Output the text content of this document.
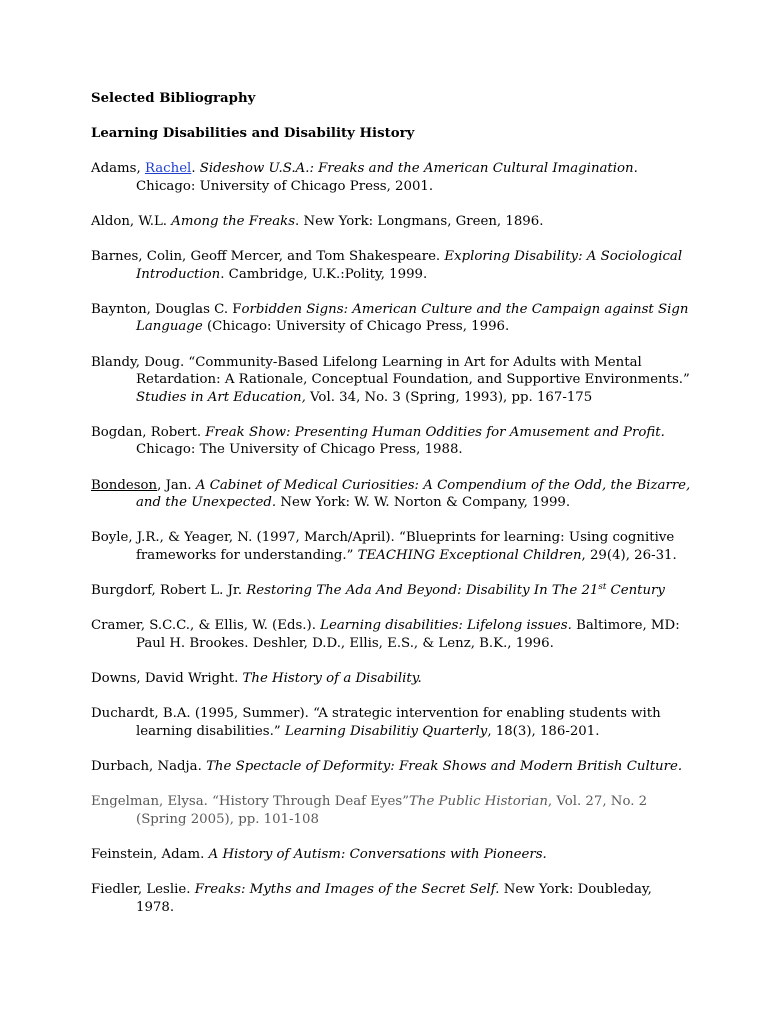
Selected Bibliography

Learning Disabilities and Disability History

Adams, Rachel. Sideshow U.S.A.: Freaks and the American Cultural Imagination. Chicago: University of Chicago Press, 2001.

Aldon, W.L. Among the Freaks. New York: Longmans, Green, 1896.

Barnes, Colin, Geoff Mercer, and Tom Shakespeare. Exploring Disability: A Sociological Introduction. Cambridge, U.K.:Polity, 1999.

Baynton, Douglas C. Forbidden Signs: American Culture and the Campaign against Sign Language (Chicago: University of Chicago Press, 1996.

Blandy, Doug. “Community-Based Lifelong Learning in Art for Adults with Mental Retardation: A Rationale, Conceptual Foundation, and Supportive Environments.” Studies in Art Education, Vol. 34, No. 3 (Spring, 1993), pp. 167-175

Bogdan, Robert. Freak Show: Presenting Human Oddities for Amusement and Profit. Chicago: The University of Chicago Press, 1988.

Bondeson, Jan. A Cabinet of Medical Curiosities: A Compendium of the Odd, the Bizarre, and the Unexpected. New York: W. W. Norton & Company, 1999.

Boyle, J.R., & Yeager, N. (1997, March/April). “Blueprints for learning: Using cognitive frameworks for understanding.” TEACHING Exceptional Children, 29(4), 26-31.

Burgdorf, Robert L. Jr. Restoring The Ada And Beyond: Disability In The 21st Century

Cramer, S.C.C., & Ellis, W. (Eds.). Learning disabilities: Lifelong issues. Baltimore, MD: Paul H. Brookes. Deshler, D.D., Ellis, E.S., & Lenz, B.K., 1996.

Downs, David Wright. The History of a Disability.

Duchardt, B.A. (1995, Summer). “A strategic intervention for enabling students with learning disabilities.” Learning Disabilitiy Quarterly, 18(3), 186-201.

Durbach, Nadja. The Spectacle of Deformity: Freak Shows and Modern British Culture.

Engelman, Elysa. “History Through Deaf Eyes”The Public Historian, Vol. 27, No. 2 (Spring 2005), pp. 101-108

Feinstein, Adam. A History of Autism: Conversations with Pioneers.

Fiedler, Leslie. Freaks: Myths and Images of the Secret Self. New York: Doubleday, 1978.
